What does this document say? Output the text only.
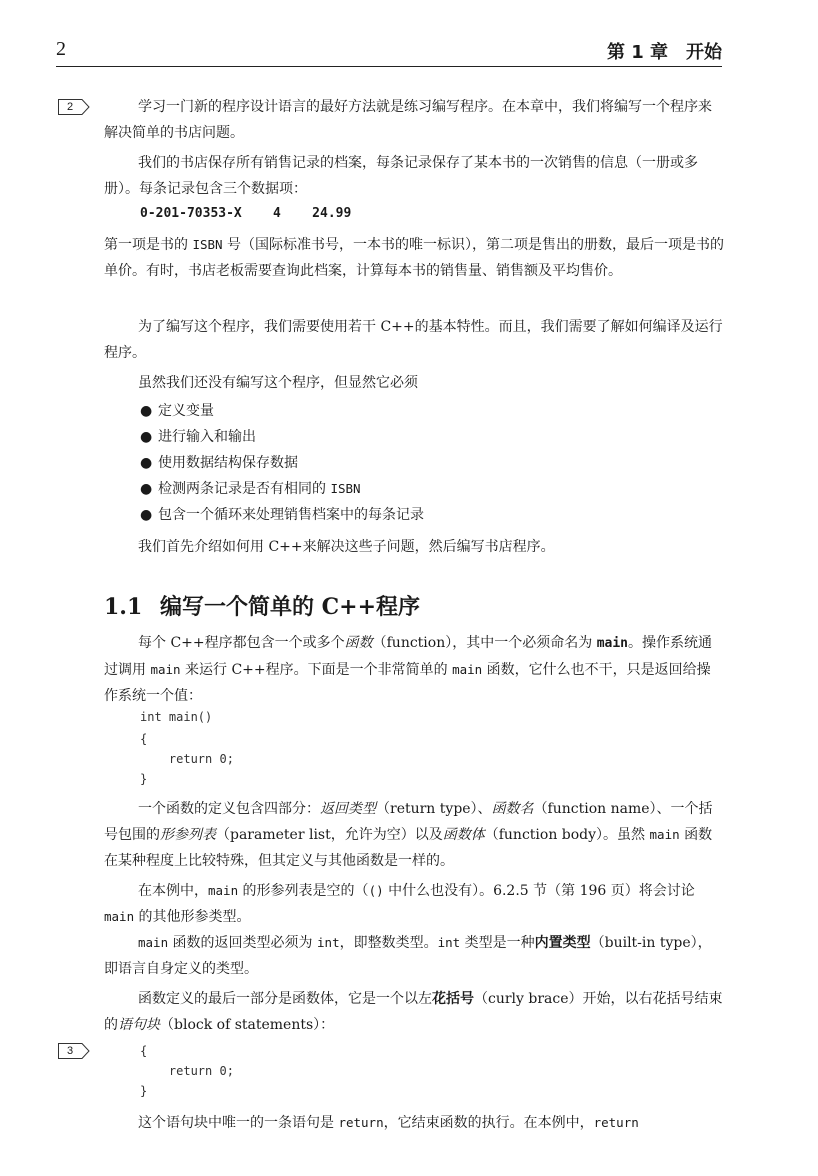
2	第 1 章　开始
2	学习一门新的程序设计语言的最好方法就是练习编写程序。在本章中，我们将编写一个程序来解决简单的书店问题。

我们的书店保存所有销售记录的档案，每条记录保存了某本书的一次销售的信息（一册或多册）。每条记录包含三个数据项：

0-201-70353-X    4    24.99

第一项是书的 ISBN 号（国际标准书号，一本书的唯一标识），第二项是售出的册数，最后一项是书的单价。有时，书店老板需要查询此档案，计算每本书的销售量、销售额及平均售价。

为了编写这个程序，我们需要使用若干 C++的基本特性。而且，我们需要了解如何编译及运行程序。

虽然我们还没有编写这个程序，但显然它必须

● 定义变量
● 进行输入和输出
● 使用数据结构保存数据
● 检测两条记录是否有相同的 ISBN
● 包含一个循环来处理销售档案中的每条记录

我们首先介绍如何用 C++来解决这些子问题，然后编写书店程序。

1.1 编写一个简单的 C++程序

每个 C++程序都包含一个或多个函数（function），其中一个必须命名为 main。操作系统通过调用 main 来运行 C++程序。下面是一个非常简单的 main 函数，它什么也不干，只是返回给操作系统一个值：

int main()
{
return 0;
}

一个函数的定义包含四部分：返回类型（return type）、函数名（function name）、一个括号包围的形参列表（parameter list，允许为空）以及函数体（function body）。虽然 main 函数在某种程度上比较特殊，但其定义与其他函数是一样的。

在本例中，main 的形参列表是空的（() 中什么也没有）。6.2.5 节（第 196 页）将会讨论 main 的其他形参类型。

main 函数的返回类型必须为 int，即整数类型。int 类型是一种内置类型（built-in type），即语言自身定义的类型。

函数定义的最后一部分是函数体，它是一个以左花括号（curly brace）开始，以右花括号结束的语句块（block of statements）：

3	{
return 0;
}

这个语句块中唯一的一条语句是 return，它结束函数的执行。在本例中，return
